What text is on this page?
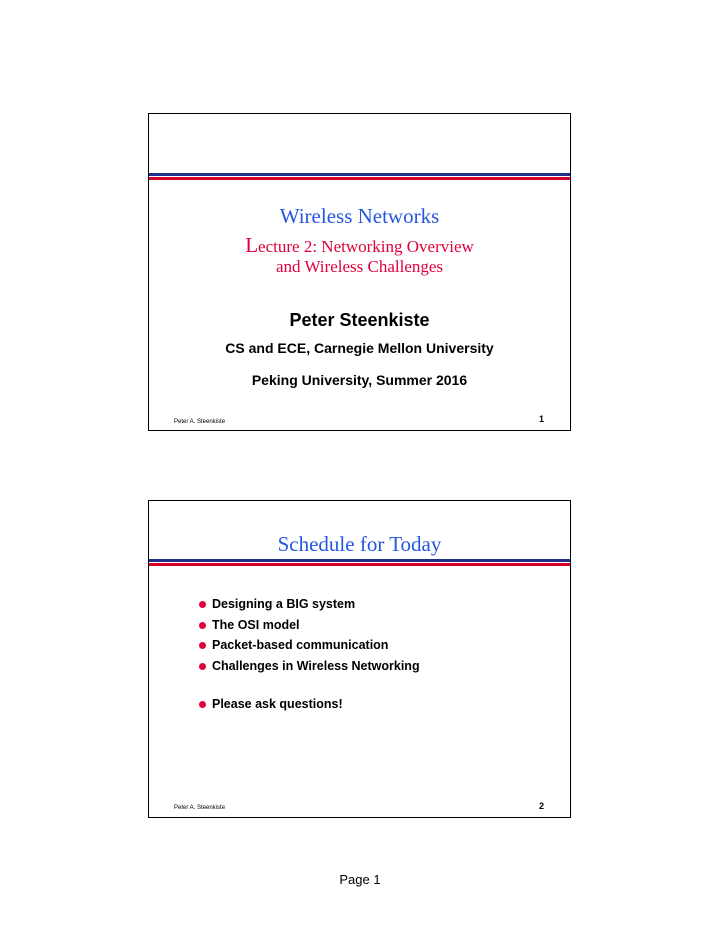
Wireless Networks
Lecture 2: Networking Overview
and Wireless Challenges
Peter Steenkiste
CS and ECE, Carnegie Mellon University
Peking University, Summer 2016
Peter A. Steenkiste	1
Schedule for Today
Designing a BIG system
The OSI model
Packet-based communication
Challenges in Wireless Networking
Please ask questions!
Peter A. Steenkiste	2
Page 1
